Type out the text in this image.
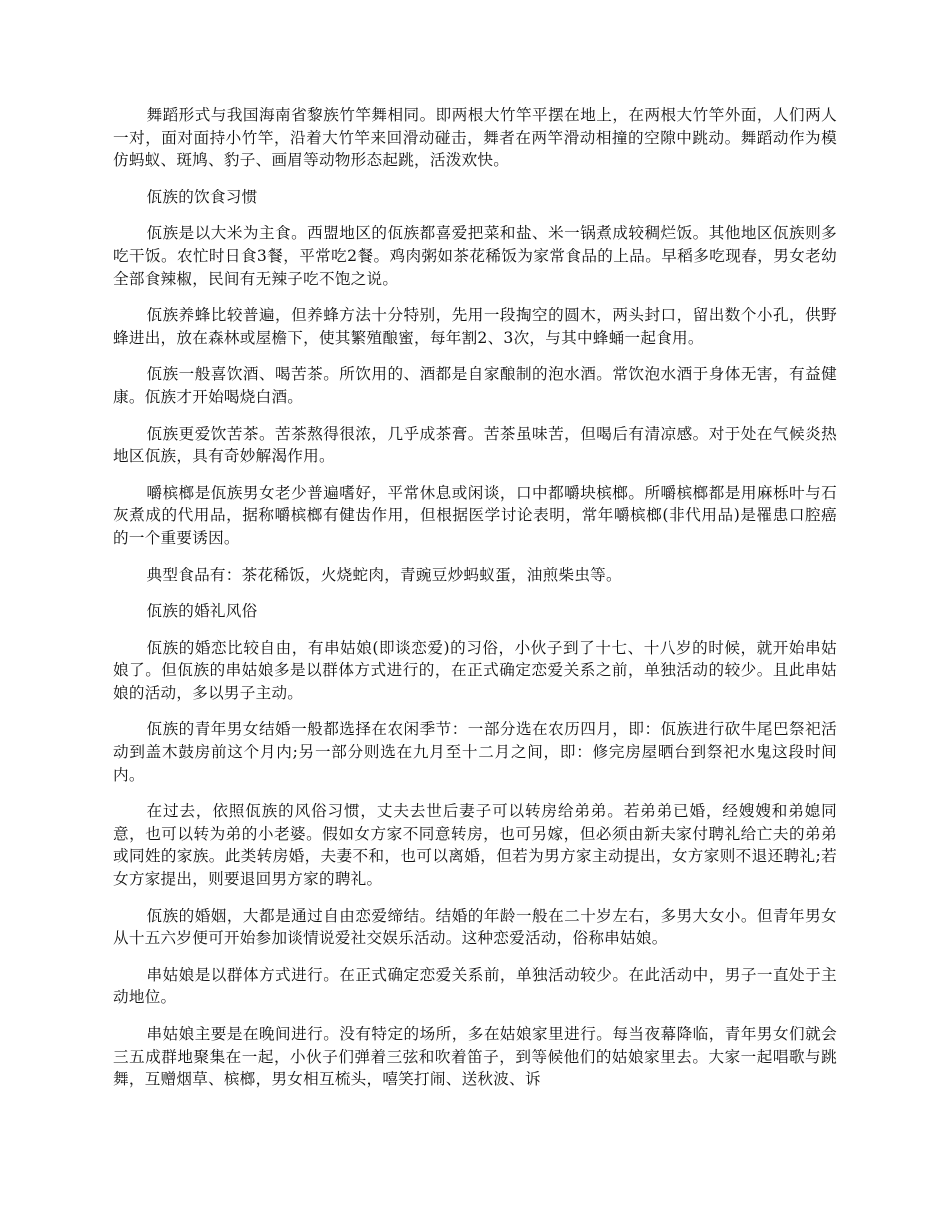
舞蹈形式与我国海南省黎族竹竿舞相同。即两根大竹竿平摆在地上，在两根大竹竿外面，人们两人一对，面对面持小竹竿，沿着大竹竿来回滑动碰击，舞者在两竿滑动相撞的空隙中跳动。舞蹈动作为模仿蚂蚁、斑鸠、豹子、画眉等动物形态起跳，活泼欢快。

佤族的饮食习惯

佤族是以大米为主食。西盟地区的佤族都喜爱把菜和盐、米一锅煮成较稠烂饭。其他地区佤族则多吃干饭。农忙时日食3餐，平常吃2餐。鸡肉粥如茶花稀饭为家常食品的上品。早稻多吃现春，男女老幼全部食辣椒，民间有无辣子吃不饱之说。

佤族养蜂比较普遍，但养蜂方法十分特别，先用一段掏空的圆木，两头封口，留出数个小孔，供野蜂进出，放在森林或屋檐下，使其繁殖酿蜜，每年割2、3次，与其中蜂蛹一起食用。

佤族一般喜饮酒、喝苦茶。所饮用的、酒都是自家酿制的泡水酒。常饮泡水酒于身体无害，有益健康。佤族才开始喝烧白酒。

佤族更爱饮苦茶。苦茶熬得很浓，几乎成茶膏。苦茶虽味苦，但喝后有清凉感。对于处在气候炎热地区佤族，具有奇妙解渴作用。

嚼槟榔是佤族男女老少普遍嗜好，平常休息或闲谈，口中都嚼块槟榔。所嚼槟榔都是用麻栎叶与石灰煮成的代用品，据称嚼槟榔有健齿作用，但根据医学讨论表明，常年嚼槟榔(非代用品)是罹患口腔癌的一个重要诱因。

典型食品有：茶花稀饭，火烧蛇肉，青豌豆炒蚂蚁蛋，油煎柴虫等。

佤族的婚礼风俗

佤族的婚恋比较自由，有串姑娘(即谈恋爱)的习俗，小伙子到了十七、十八岁的时候，就开始串姑娘了。但佤族的串姑娘多是以群体方式进行的，在正式确定恋爱关系之前，单独活动的较少。且此串姑娘的活动，多以男子主动。

佤族的青年男女结婚一般都选择在农闲季节：一部分选在农历四月，即：佤族进行砍牛尾巴祭祀活动到盖木鼓房前这个月内;另一部分则选在九月至十二月之间，即：修完房屋晒台到祭祀水鬼这段时间内。

在过去，依照佤族的风俗习惯，丈夫去世后妻子可以转房给弟弟。若弟弟已婚，经嫂嫂和弟媳同意，也可以转为弟的小老婆。假如女方家不同意转房，也可另嫁，但必须由新夫家付聘礼给亡夫的弟弟或同姓的家族。此类转房婚，夫妻不和，也可以离婚，但若为男方家主动提出，女方家则不退还聘礼;若女方家提出，则要退回男方家的聘礼。

佤族的婚姻，大都是通过自由恋爱缔结。结婚的年龄一般在二十岁左右，多男大女小。但青年男女从十五六岁便可开始参加谈情说爱社交娱乐活动。这种恋爱活动，俗称串姑娘。

串姑娘是以群体方式进行。在正式确定恋爱关系前，单独活动较少。在此活动中，男子一直处于主动地位。

串姑娘主要是在晚间进行。没有特定的场所，多在姑娘家里进行。每当夜幕降临，青年男女们就会三五成群地聚集在一起，小伙子们弹着三弦和吹着笛子，到等候他们的姑娘家里去。大家一起唱歌与跳舞，互赠烟草、槟榔，男女相互梳头，嘻笑打闹、送秋波、诉
